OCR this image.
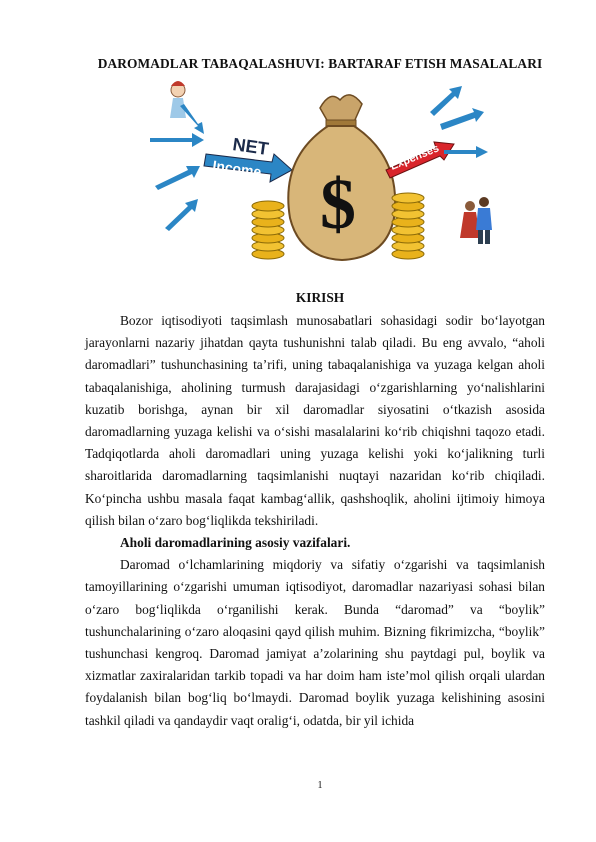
DAROMADLAR TABAQALASHUVI: BARTARAF ETISH MASALALARI
NET
Income $
Expenses
KIRISH

Bozor iqtisodiyoti taqsimlash munosabatlari sohasidagi sodir boʻlayotgan jarayonlarni nazariy jihatdan qayta tushunishni talab qiladi. Bu eng avvalo, “aholi daromadlari” tushunchasining ta’rifi, uning tabaqalanishiga va yuzaga kelgan aholi tabaqalanishiga, aholining turmush darajasidagi oʻzgarishlarning yoʻnalishlarini kuzatib borishga, aynan bir xil daromadlar siyosatini oʻtkazish asosida daromadlarning yuzaga kelishi va oʻsishi masalalarini koʻrib chiqishni taqozo etadi. Tadqiqotlarda aholi daromadlari uning yuzaga kelishi yoki koʻjalikning turli sharoitlarida daromadlarning taqsimlanishi nuqtayi nazaridan koʻrib chiqiladi. Koʻpincha ushbu masala faqat kambagʻallik, qashshoqlik, aholini ijtimoiy himoya qilish bilan oʻzaro bogʻliqlikda tekshiriladi.

Aholi daromadlarining asosiy vazifalari.

Daromad oʻlchamlarining miqdoriy va sifatiy oʻzgarishi va taqsimlanish tamoyillarining oʻzgarishi umuman iqtisodiyot, daromadlar nazariyasi sohasi bilan oʻzaro bogʻliqlikda oʻrganilishi kerak. Bunda “daromad” va “boylik” tushunchalarining oʻzaro aloqasini qayd qilish muhim. Bizning fikrimizcha, “boylik” tushunchasi kengroq. Daromad jamiyat a’zolarining shu paytdagi pul, boylik va xizmatlar zaxiralaridan tarkib topadi va har doim ham iste’mol qilish orqali ulardan foydalanish bilan bogʻliq boʻlmaydi. Daromad boylik yuzaga kelishining asosini tashkil qiladi va qandaydir vaqt oraligʻi, odatda, bir yil ichida

1
